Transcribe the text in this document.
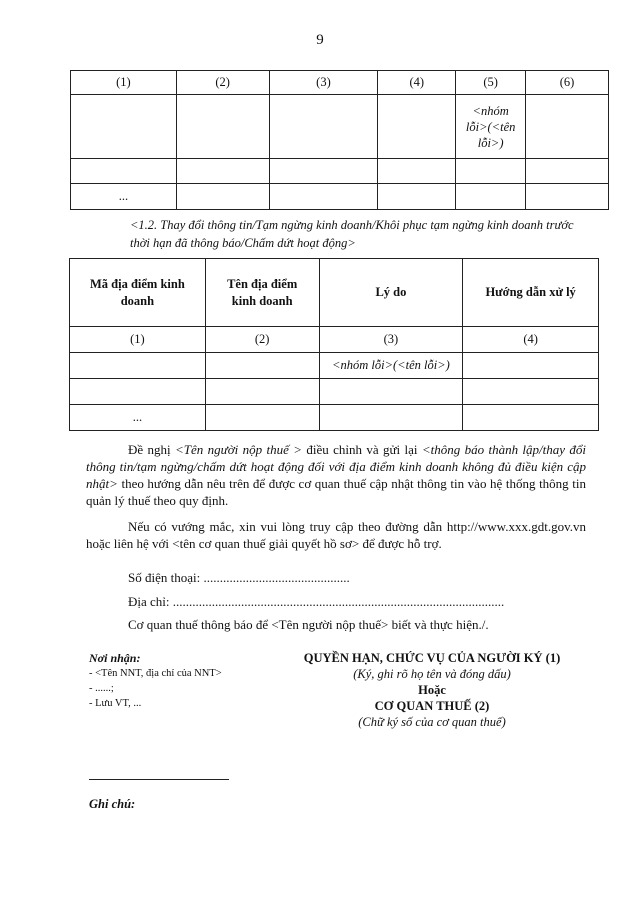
9
(1)	(2)	(3)	(4)	(5)	(6)
				<nhóm lỗi>(<tên lỗi>)	

...					
<1.2. Thay đổi thông tin/Tạm ngừng kinh doanh/Khôi phục tạm ngừng kinh doanh trước thời hạn đã thông báo/Chấm dứt hoạt động>
Mã địa điểm kinh doanh	Tên địa điểm kinh doanh	Lý do	Hướng dẫn xử lý
(1)	(2)	(3)	(4)
		<nhóm lỗi>(<tên lỗi>)	

...			
Đề nghị <Tên người nộp thuế > điều chỉnh và gửi lại <thông báo thành lập/thay đổi thông tin/tạm ngừng/chấm dứt hoạt động đối với địa điểm kinh doanh không đủ điều kiện cập nhật> theo hướng dẫn nêu trên để được cơ quan thuế cập nhật thông tin vào hệ thống thông tin quản lý thuế theo quy định.
Nếu có vướng mắc, xin vui lòng truy cập theo đường dẫn http://www.xxx.gdt.gov.vn hoặc liên hệ với <tên cơ quan thuế giải quyết hồ sơ> để được hỗ trợ.
Số điện thoại: .............................................
Địa chỉ: ......................................................................................................
Cơ quan thuế thông báo để <Tên người nộp thuế> biết và thực hiện./.
Nơi nhận:
- <Tên NNT, địa chỉ của NNT>
- ......;
- Lưu VT, ...
QUYỀN HẠN, CHỨC VỤ CỦA NGƯỜI KÝ (1)
(Ký, ghi rõ họ tên và đóng dấu)
Hoặc
CƠ QUAN THUẾ (2)
(Chữ ký số của cơ quan thuế)
Ghi chú:
